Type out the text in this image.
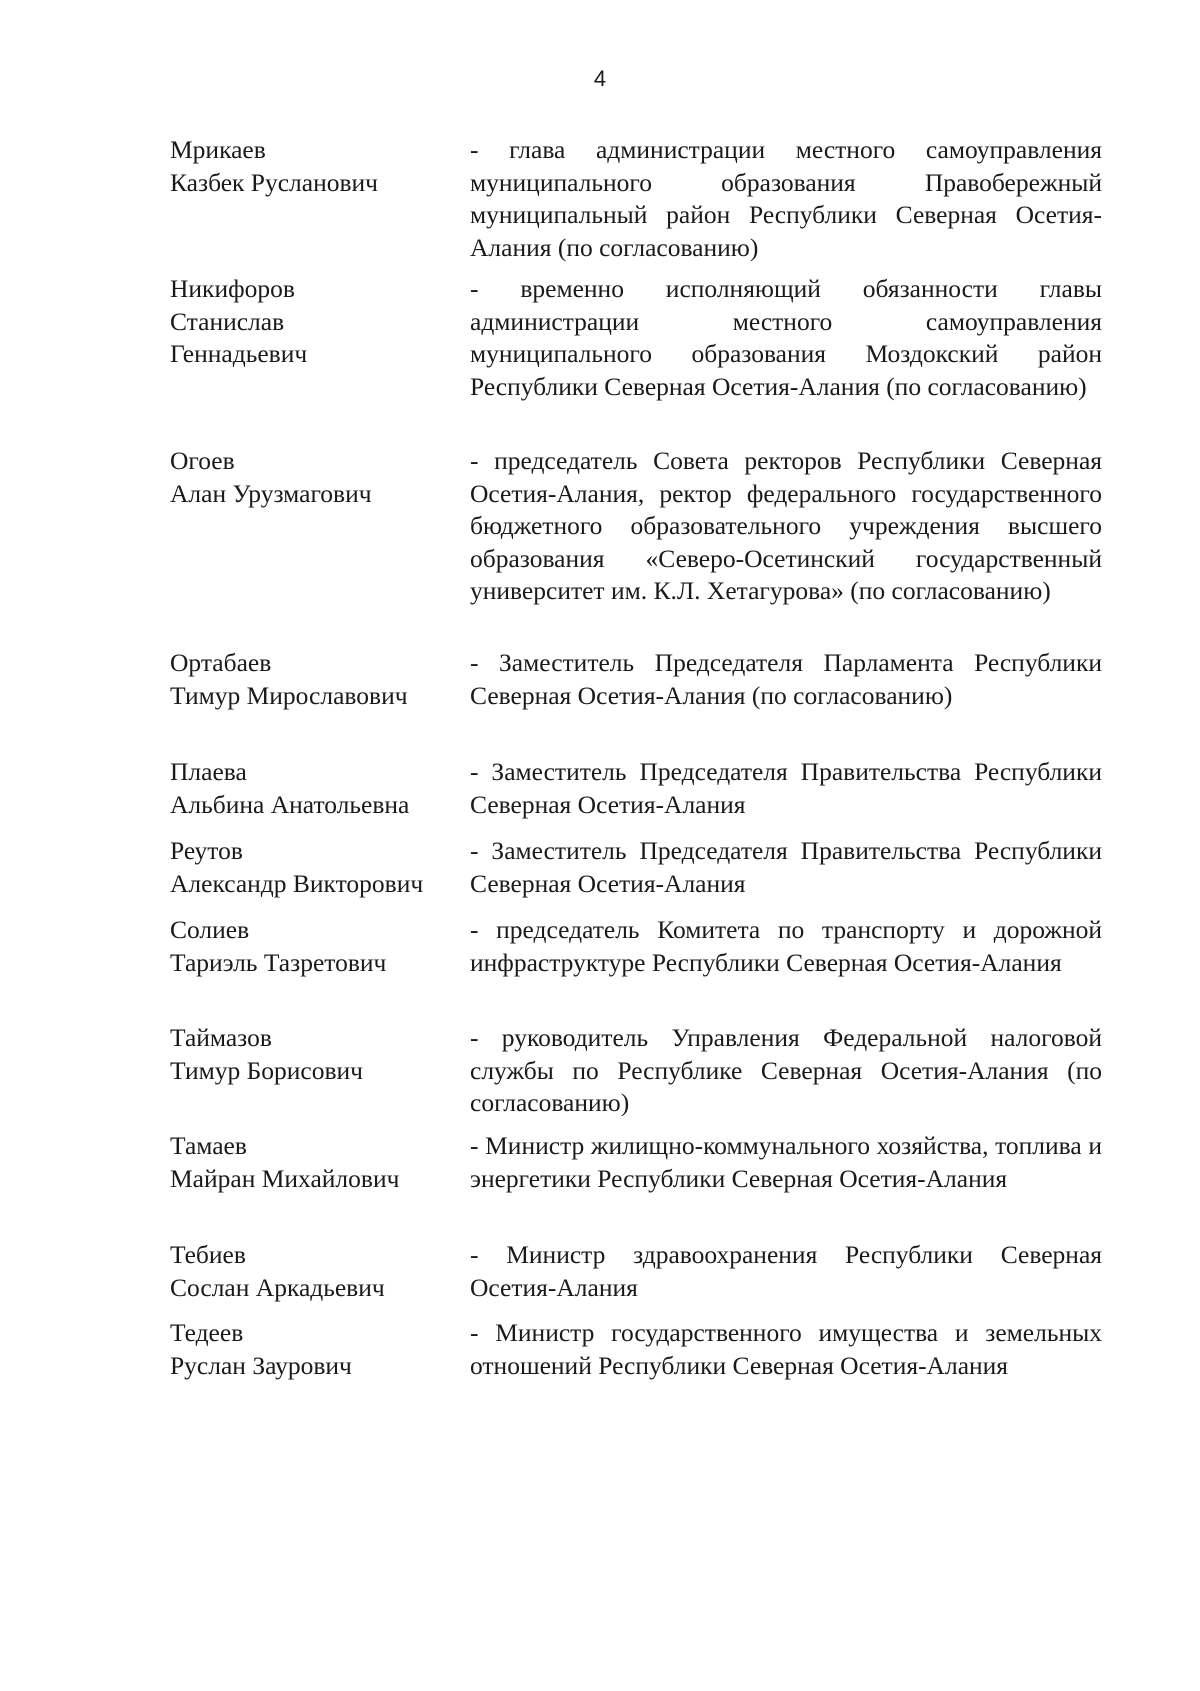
4
Мрикаев
Казбек Русланович
- глава администрации местного самоуправления муниципального образования Правобережный муниципальный район Республики Северная Осетия-Алания (по согласованию)
Никифоров
Станислав
Геннадьевич
- временно исполняющий обязанности главы администрации местного самоуправления муниципального образования Моздокский район Республики Северная Осетия-Алания (по согласованию)
Огоев
Алан Урузмагович
- председатель Совета ректоров Республики Северная Осетия-Алания, ректор федерального государственного бюджетного образовательного учреждения высшего образования «Северо-Осетинский государственный университет им. К.Л. Хетагурова» (по согласованию)
Ортабаев
Тимур Мирославович
- Заместитель Председателя Парламента Республики Северная Осетия-Алания (по согласованию)
Плаева
Альбина Анатольевна
- Заместитель Председателя Правительства Республики Северная Осетия-Алания
Реутов
Александр Викторович
- Заместитель Председателя Правительства Республики Северная Осетия-Алания
Солиев
Тариэль Тазретович
- председатель Комитета по транспорту и дорожной инфраструктуре Республики Северная Осетия-Алания
Таймазов
Тимур Борисович
- руководитель Управления Федеральной налоговой службы по Республике Северная Осетия-Алания (по согласованию)
Тамаев
Майран Михайлович
- Министр жилищно-коммунального хозяйства, топлива и энергетики Республики Северная Осетия-Алания
Тебиев
Сослан Аркадьевич
- Министр здравоохранения Республики Северная Осетия-Алания
Тедеев
Руслан Заурович
- Министр государственного имущества и земельных отношений Республики Северная Осетия-Алания
